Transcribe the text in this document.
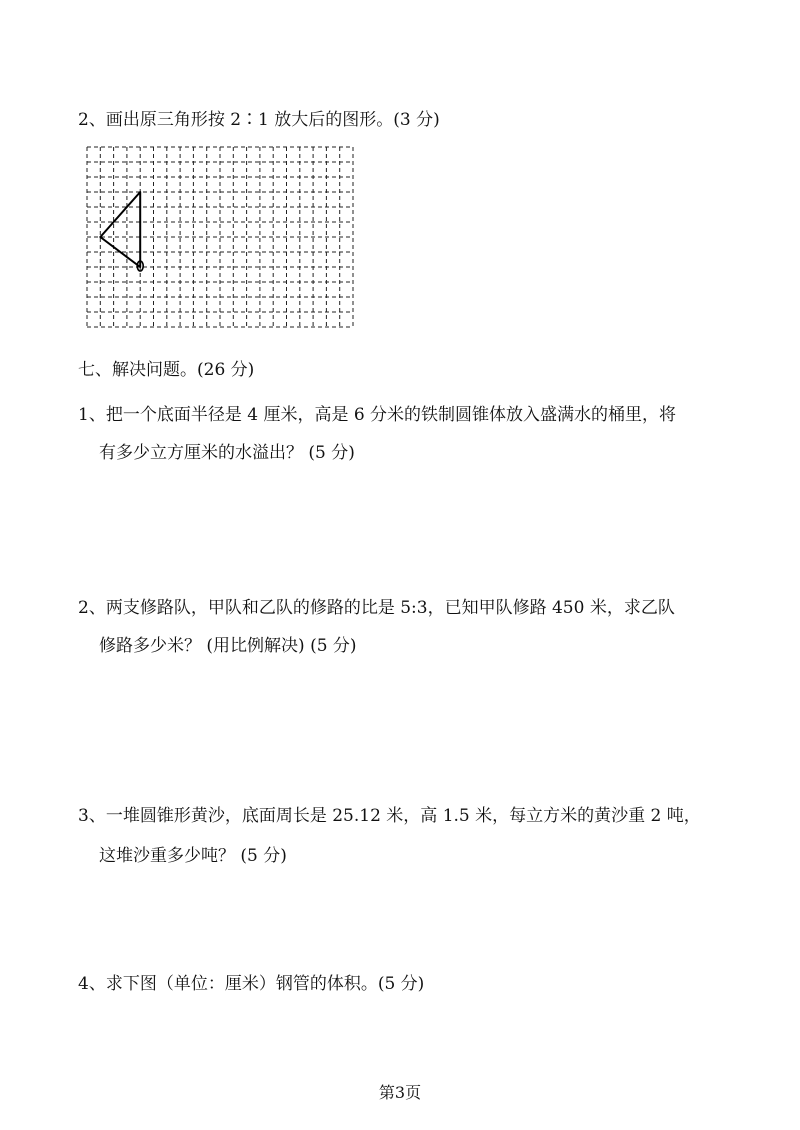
2、画出原三角形按 2∶1 放大后的图形。(3 分)
七、解决问题。(26 分)
1、把一个底面半径是 4 厘米，高是 6 分米的铁制圆锥体放入盛满水的桶里，将
有多少立方厘米的水溢出？ (5 分)
2、两支修路队，甲队和乙队的修路的比是 5:3，已知甲队修路 450 米，求乙队
修路多少米？ (用比例解决) (5 分)
3、一堆圆锥形黄沙，底面周长是 25.12 米，高 1.5 米，每立方米的黄沙重 2 吨，
这堆沙重多少吨？ (5 分)
4、求下图（单位：厘米）钢管的体积。(5 分)
第3页
